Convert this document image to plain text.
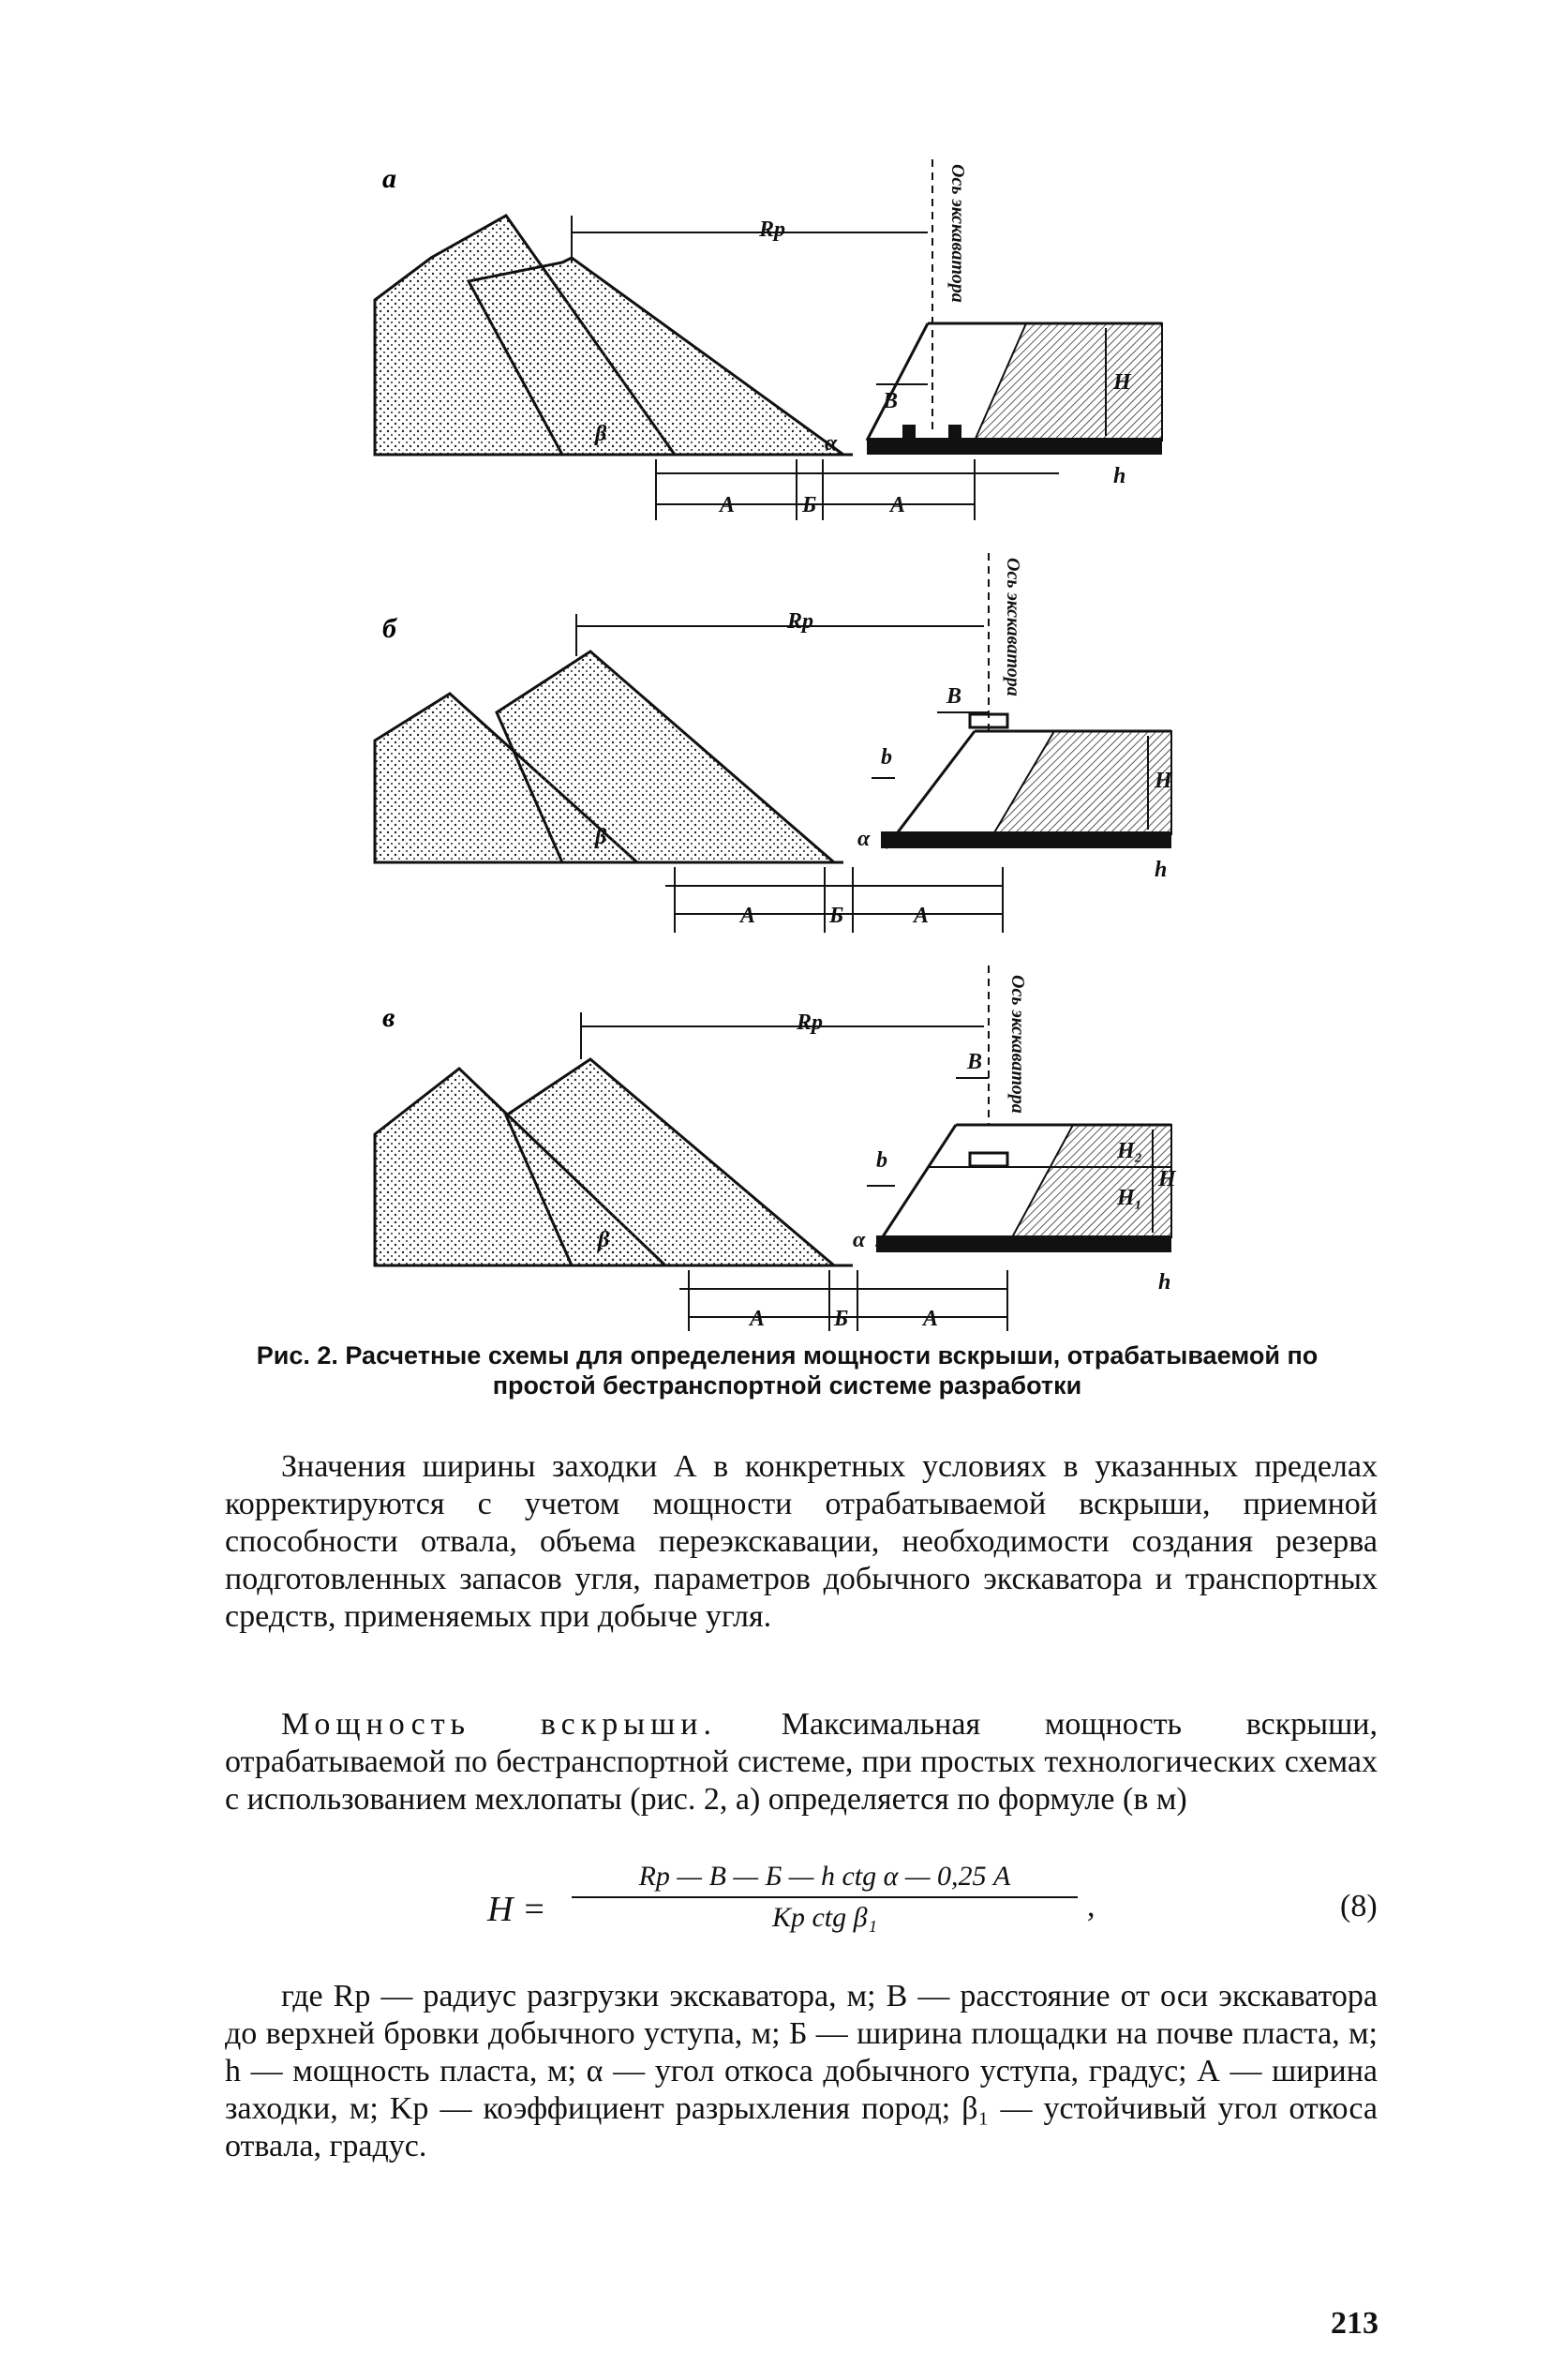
а	Ось экскаватора
Rp
В
H
h
α
β
А	Б	А
б	Ось экскаватора
Rp
В
b
H
h
α
β
А	Б	А
в	Ось экскаватора
Rp
В
b	H₂
H₁
H
h
α
β
А	Б	А
Рис. 2. Расчетные схемы для определения мощности вскрыши, отрабатываемой по
простой бестранспортной системе разработки

Значения ширины заходки А в конкретных условиях в указанных пределах корректируются с учетом мощности отрабатываемой вскрыши, приемной способности отвала, объема переэкскавации, необходимости создания резерва подготовленных запасов угля, параметров добычного экскаватора и транспортных средств, применяемых при добыче угля.

Мощность вскрыши. Максимальная мощность вскрыши, отрабатываемой по бестранспортной системе, при простых технологических схемах с использованием мехлопаты (рис. 2, а) определяется по формуле (в м)

H =
Rp — B — Б — h ctg α — 0,25 A
Kp ctg β₁	,	(8)

где Rp — радиус разгрузки экскаватора, м; B — расстояние от оси экскаватора до верхней бровки добычного уступа, м; Б — ширина площадки на почве пласта, м; h — мощность пласта, м; α — угол откоса добычного уступа, градус; А — ширина заходки, м; Kp — коэффициент разрыхления пород; β₁ — устойчивый угол откоса отвала, градус.

213
